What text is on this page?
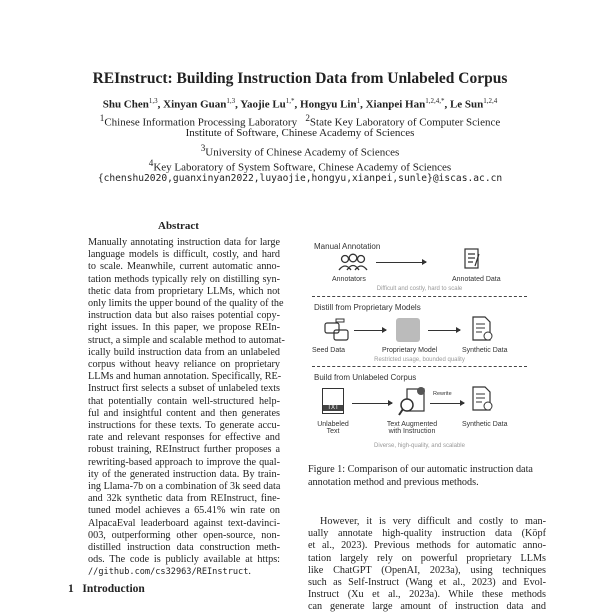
REInstruct: Building Instruction Data from Unlabeled Corpus
Shu Chen$^{1,3}$, Xinyan Guan$^{1,3}$, Yaojie $Lu^{1,*}$, Hongyu Lin$^1$, Xianpei Han$^{1,2,4,*}$, Le Sun$^{1,2,4}$
$^1$Chinese Information Processing Laboratory $^2$State Key Laboratory of Computer Science
Institute of Software, Chinese Academy of Sciences
$^3$University of Chinese Academy of Sciences
$^4$Key Laboratory of System Software, Chinese Academy of Sciences
{chenshu2020,guanxinyan2022,luyaojie,hongyu,xianpei,sunle}@iscas.ac.cn
Abstract
Manually annotating instruction data for large
language models is difficult, costly, and hard
to scale. Meanwhile, current automatic anno-
tation methods typically rely on distilling syn-
thetic data from proprietary LLMs, which not
only limits the upper bound of the quality of the
instruction data but also raises potential copy-
right issues. In this paper, we propose REIn-
struct, a simple and scalable method to automat-
ically build instruction data from an unlabeled
corpus without heavy reliance on proprietary
LLMs and human annotation. Specifically, RE-
Instruct first selects a subset of unlabeled texts
that potentially contain well-structured help-
ful and insightful content and then generates
instructions for these texts. To generate accu-
rate and relevant responses for effective and
robust training, REInstruct further proposes a
rewriting-based approach to improve the qual-
ity of the generated instruction data. By train-
ing Llama-7b on a combination of 3k seed data
and 32k synthetic data from REInstruct, fine-
tuned model achieves a 65.41% win rate on
AlpacaEval leaderboard against text-davinci-
003, outperforming other open-source, non-
distilled instruction data construction meth-
ods. The code is publicly available at https:
//github.com/cs32963/REInstruct.
1 Introduction
Manual Annotation
Annotators	Annotated Data
Difficult and costly, hard to scale
Distill from Proprietary Models
Seed Data	Proprietary Model	Synthetic Data
Restricted usage, bounded quality
Build from Unlabeled Corpus
TXT
Rewrite
Unlabeled Text
Text Augmented with Instruction
Synthetic Data
Diverse, high-quality, and scalable
Figure 1: Comparison of our automatic instruction data
annotation method and previous methods.
However, it is very difficult and costly to man-
ually annotate high-quality instruction data (Köpf
et al., 2023). Previous methods for automatic anno-
tation largely rely on powerful proprietary LLMs
like ChatGPT (OpenAI, 2023a), using techniques
such as Self-Instruct (Wang et al., 2023) and Evol-
Instruct (Xu et al., 2023a). While these methods
can generate large amount of instruction data and
